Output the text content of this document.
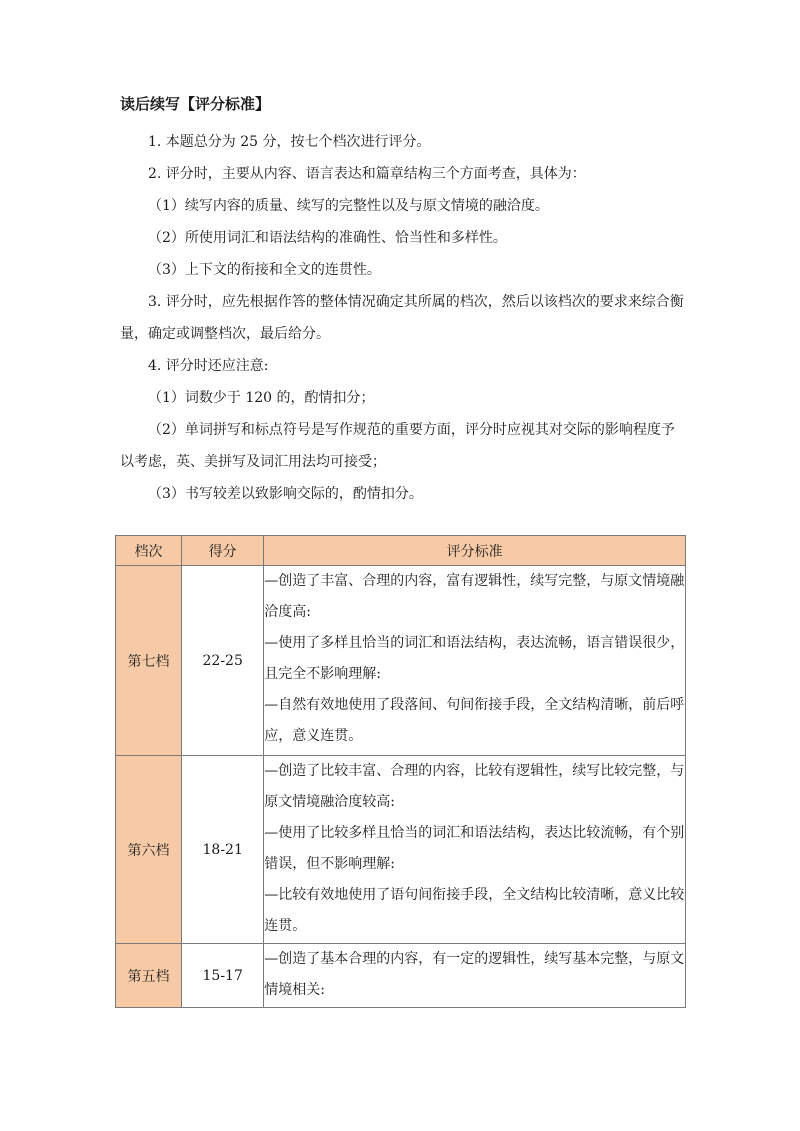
读后续写【评分标准】

1. 本题总分为 25 分，按七个档次进行评分。

2. 评分时，主要从内容、语言表达和篇章结构三个方面考查，具体为：

（1）续写内容的质量、续写的完整性以及与原文情境的融洽度。

（2）所使用词汇和语法结构的准确性、恰当性和多样性。

（3）上下文的衔接和全文的连贯性。

3. 评分时，应先根据作答的整体情况确定其所属的档次，然后以该档次的要求来综合衡量，确定或调整档次，最后给分。

4. 评分时还应注意:

（1）词数少于 120 的，酌情扣分；

（2）单词拼写和标点符号是写作规范的重要方面，评分时应视其对交际的影响程度予以考虑，英、美拼写及词汇用法均可接受；

（3）书写较差以致影响交际的，酌情扣分。

档次	得分	评分标准
第七档	22-25	—创造了丰富、合理的内容，富有逻辑性，续写完整，与原文情境融洽度高:
—使用了多样且恰当的词汇和语法结构，表达流畅，语言错误很少，且完全不影响理解:
—自然有效地使用了段落间、句间衔接手段，全文结构清晰，前后呼应，意义连贯。

第六档	18-21	—创造了比较丰富、合理的内容，比较有逻辑性，续写比较完整，与原文情境融洽度较高:
—使用了比较多样且恰当的词汇和语法结构，表达比较流畅，有个别错误，但不影响理解:
—比较有效地使用了语句间衔接手段，全文结构比较清晰，意义比较连贯。

第五档	15-17	—创造了基本合理的内容，有一定的逻辑性，续写基本完整，与原文情境相关:
